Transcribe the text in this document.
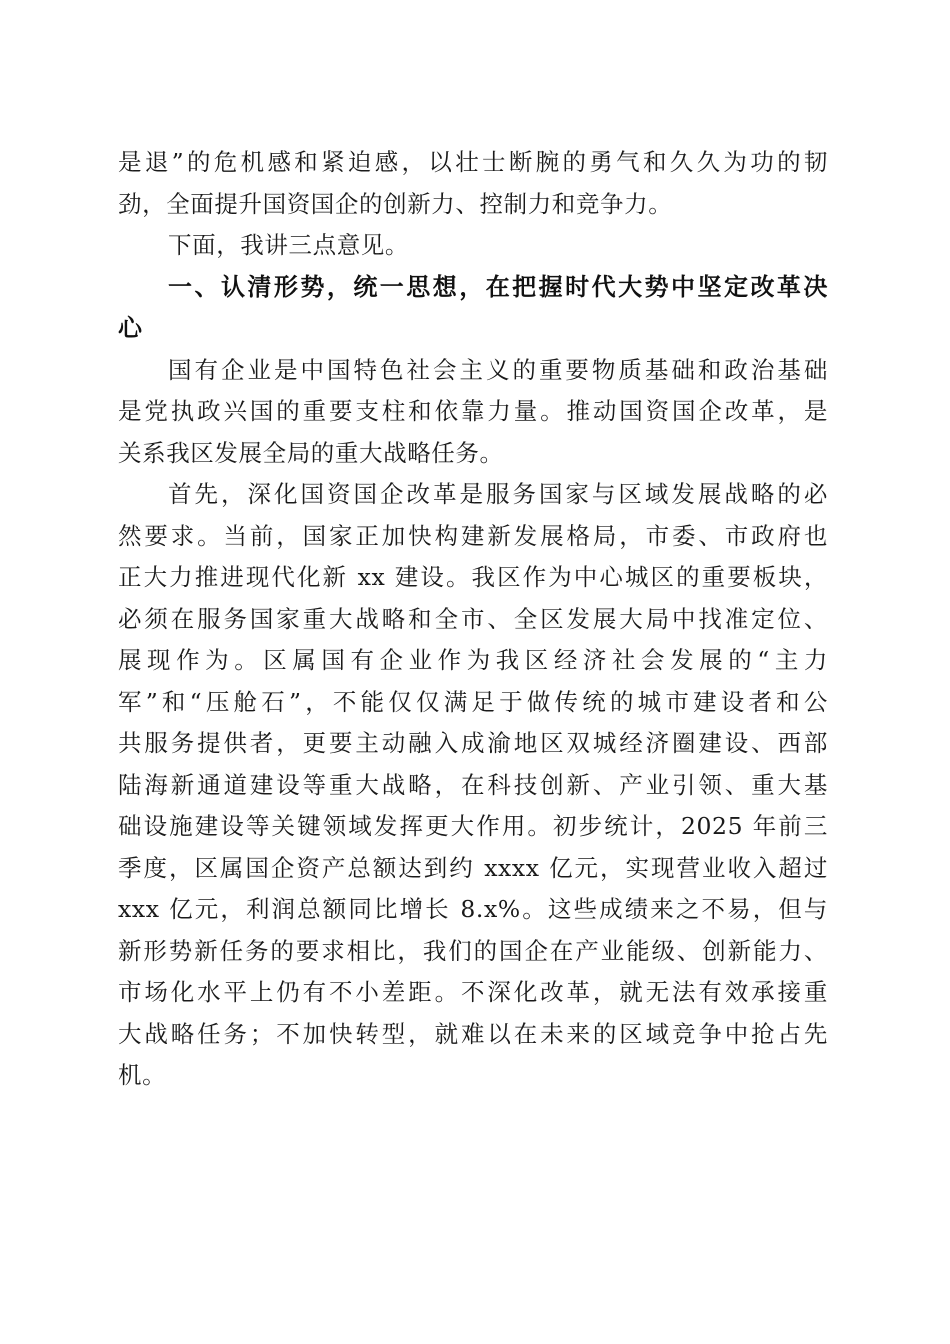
是退”的危机感和紧迫感，以壮士断腕的勇气和久久为功的韧
劲，全面提升国资国企的创新力、控制力和竞争力。
下面，我讲三点意见。
一、认清形势，统一思想，在把握时代大势中坚定改革决
心
国有企业是中国特色社会主义的重要物质基础和政治基础
是党执政兴国的重要支柱和依靠力量。推动国资国企改革，是
关系我区发展全局的重大战略任务。
首先，深化国资国企改革是服务国家与区域发展战略的必
然要求。当前，国家正加快构建新发展格局，市委、市政府也
正大力推进现代化新 xx 建设。我区作为中心城区的重要板块，
必须在服务国家重大战略和全市、全区发展大局中找准定位、
展现作为。区属国有企业作为我区经济社会发展的“主力
军”和“压舱石”，不能仅仅满足于做传统的城市建设者和公
共服务提供者，更要主动融入成渝地区双城经济圈建设、西部
陆海新通道建设等重大战略，在科技创新、产业引领、重大基
础设施建设等关键领域发挥更大作用。初步统计，2025 年前三
季度，区属国企资产总额达到约 xxxx 亿元，实现营业收入超过
xxx 亿元，利润总额同比增长 8.x%。这些成绩来之不易，但与
新形势新任务的要求相比，我们的国企在产业能级、创新能力、
市场化水平上仍有不小差距。不深化改革，就无法有效承接重
大战略任务；不加快转型，就难以在未来的区域竞争中抢占先
机。
